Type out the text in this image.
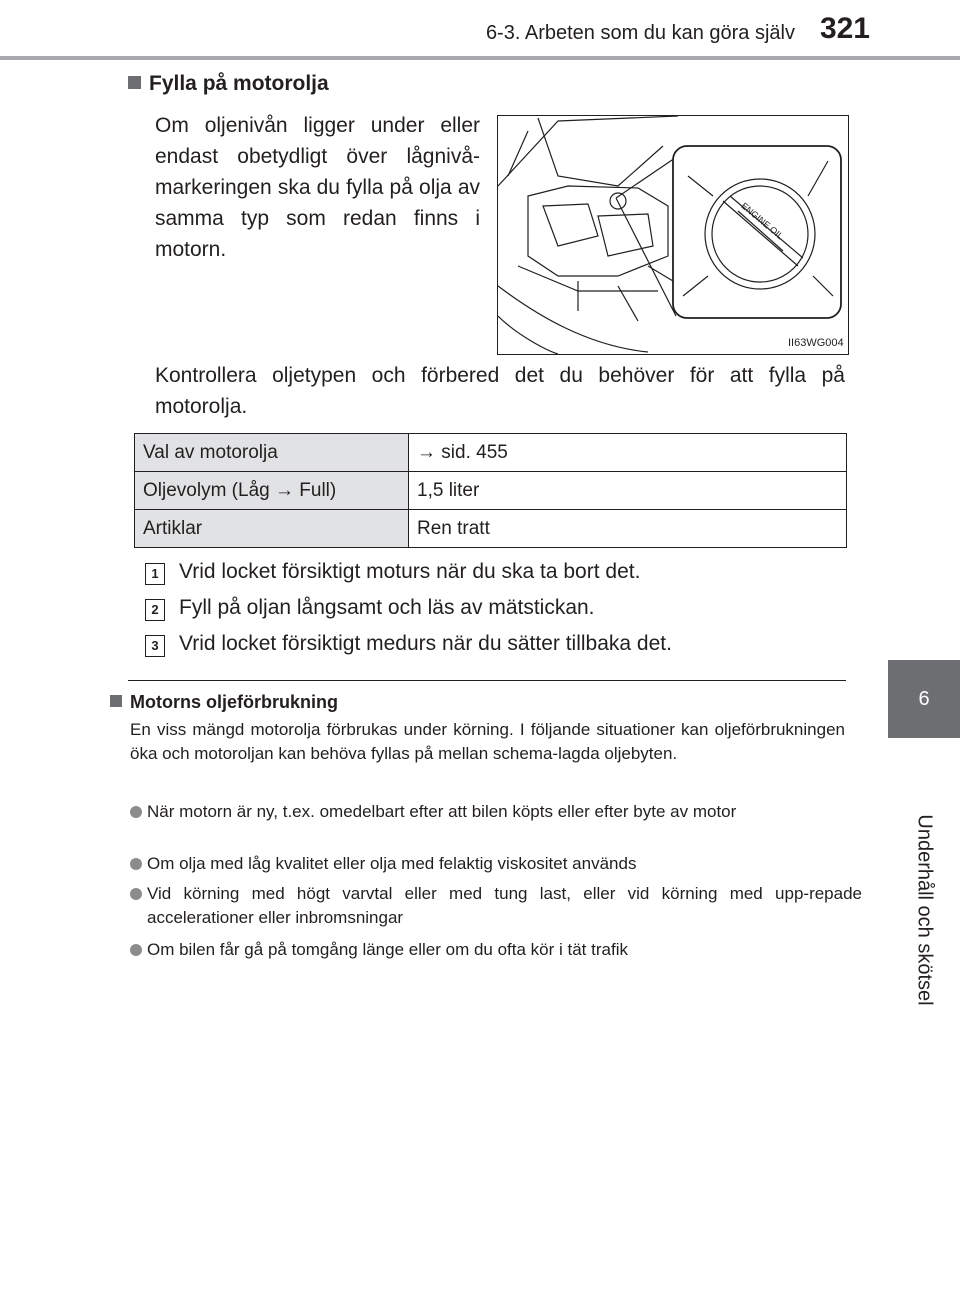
6-3. Arbeten som du kan göra själv 321
6
Underhåll och skötsel
Fylla på motorolja
Om oljenivån ligger under eller endast obetydligt över lågnivå-markeringen ska du fylla på olja av samma typ som redan finns i motorn.
ENGINE OIL
II63WG004
Kontrollera oljetypen och förbered det du behöver för att fylla på motorolja.
Val av motorolja	→ sid. 455
Oljevolym (Låg → Full)	1,5 liter
Artiklar	Ren tratt
1 Vrid locket försiktigt moturs när du ska ta bort det.
2 Fyll på oljan långsamt och läs av mätstickan.
3 Vrid locket försiktigt medurs när du sätter tillbaka det.
Motorns oljeförbrukning
En viss mängd motorolja förbrukas under körning. I följande situationer kan oljeförbrukningen öka och motoroljan kan behöva fyllas på mellan schema-lagda oljebyten.
När motorn är ny, t.ex. omedelbart efter att bilen köpts eller efter byte av motor
Om olja med låg kvalitet eller olja med felaktig viskositet används
Vid körning med högt varvtal eller med tung last, eller vid körning med upp-repade accelerationer eller inbromsningar
Om bilen får gå på tomgång länge eller om du ofta kör i tät trafik
